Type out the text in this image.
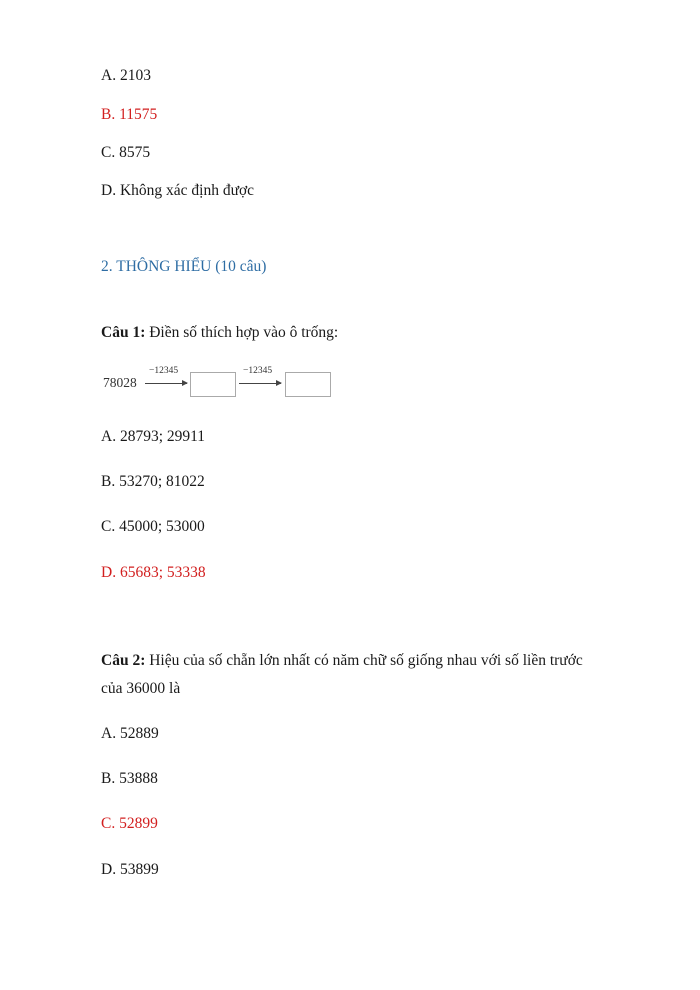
A. 2103
B. 11575
C. 8575
D. Không xác định được
2. THÔNG HIỂU (10 câu)
Câu 1: Điền số thích hợp vào ô trống:
78028
−12345	−12345
A. 28793; 29911
B. 53270; 81022
C. 45000; 53000
D. 65683; 53338
Câu 2: Hiệu của số chẵn lớn nhất có năm chữ số giống nhau với số liền trước
của 36000 là
A. 52889
B. 53888
C. 52899
D. 53899
